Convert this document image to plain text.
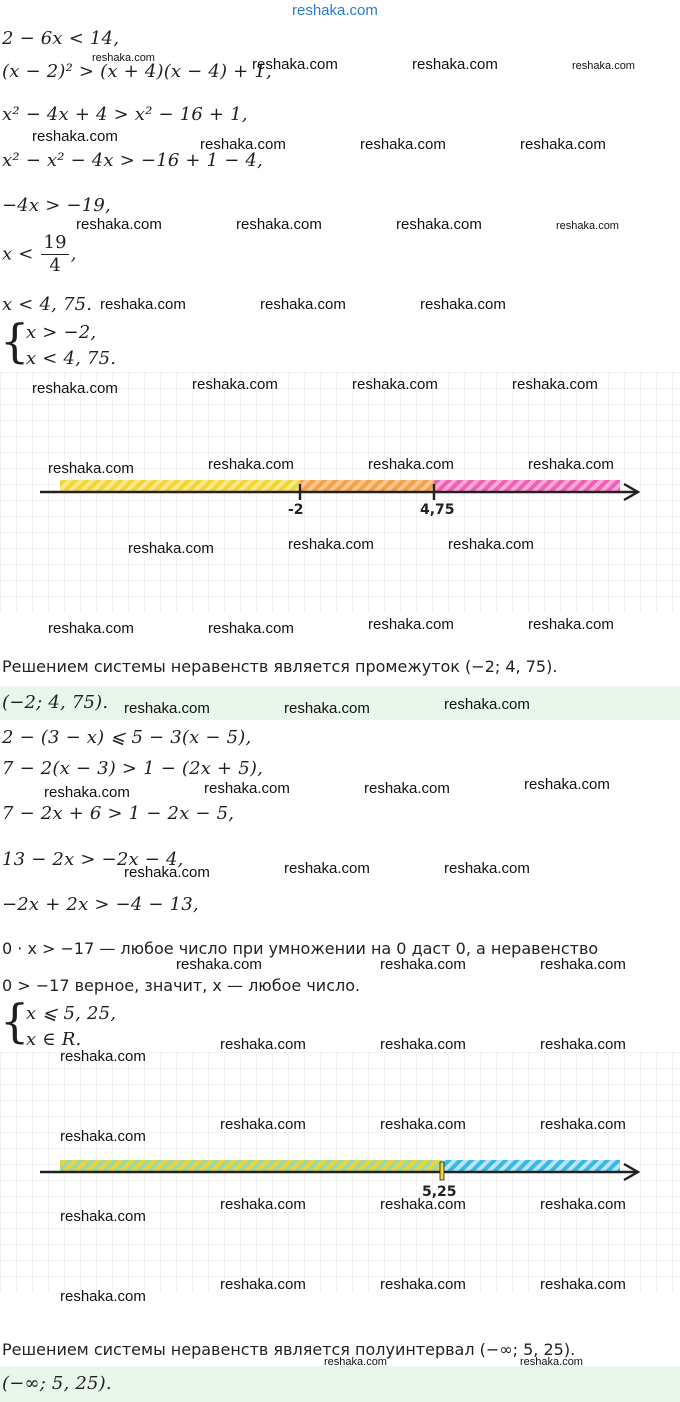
reshaka.com
2 − 6x < 14,
(x − 2)² > (x + 4)(x − 4) + 1,
x² − 4x + 4 > x² − 16 + 1,
x² − x² − 4x > −16 + 1 − 4,
−4x > −19,
$x < \frac{19}{4}$ ,
x < 4, 75.
{
x > −2,
x < 4, 75.
-2	4,75
Решением системы неравенств является промежуток (−2; 4, 75).
(−2; 4, 75).
2 − (3 − x) ⩽ 5 − 3(x − 5),
7 − 2(x − 3) > 1 − (2x + 5),
7 − 2x + 6 > 1 − 2x − 5,
13 − 2x > −2x − 4,
−2x + 2x > −4 − 13,
0 · x > −17 — любое число при умножении на 0 даст 0, а неравенство
0 > −17 верное, значит, x — любое число.
{
x ⩽ 5, 25,
x ∈ R.
5,25
Решением системы неравенств является полуинтервал (−∞; 5, 25).
(−∞; 5, 25).
reshaka.com	reshaka.com	reshaka.com
reshaka.com
reshaka.com	reshaka.com	reshaka.com	reshaka.com
reshaka.com	reshaka.com	reshaka.com	reshaka.com
reshaka.com	reshaka.com	reshaka.com
reshaka.com	reshaka.com	reshaka.com	reshaka.com
reshaka.com	reshaka.com	reshaka.com	reshaka.com
reshaka.com	reshaka.com	reshaka.com
reshaka.com	reshaka.com	reshaka.com	reshaka.com
reshaka.com	reshaka.com	reshaka.com
reshaka.com	reshaka.com	reshaka.com	reshaka.com
reshaka.com	reshaka.com	reshaka.com
reshaka.com	reshaka.com	reshaka.com
reshaka.com
reshaka.com	reshaka.com	reshaka.com
reshaka.com
reshaka.com	reshaka.com	reshaka.com
reshaka.com
reshaka.com	reshaka.com	reshaka.com
reshaka.com
reshaka.com	reshaka.com	reshaka.com
reshaka.com	reshaka.com
